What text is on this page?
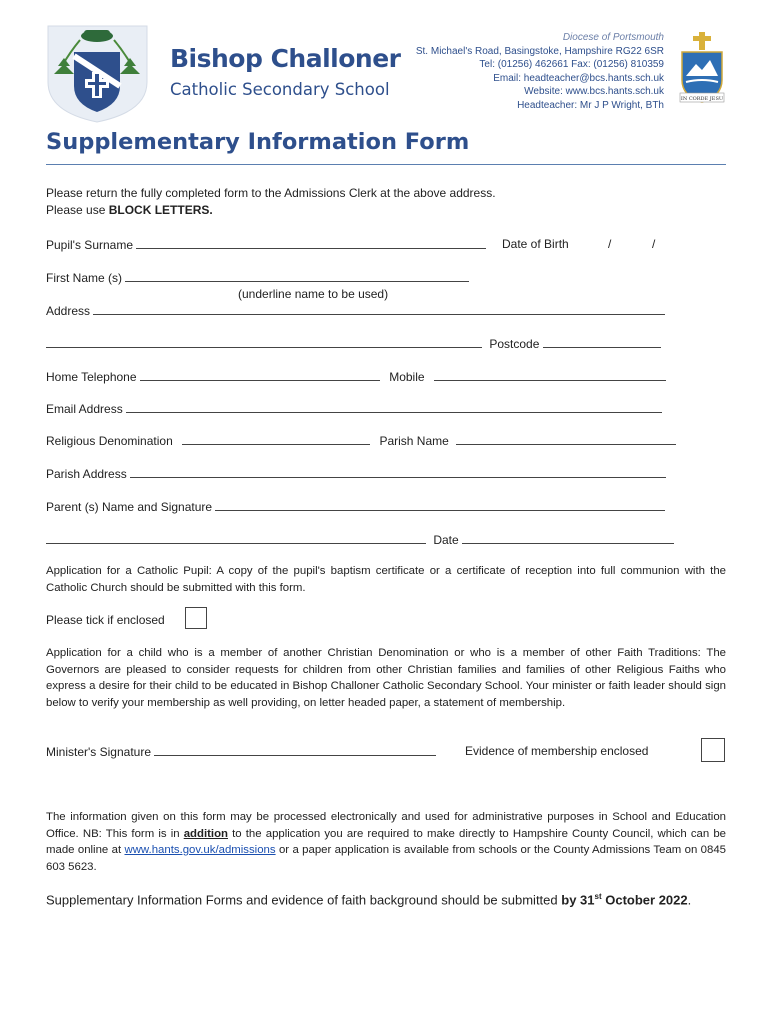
Bishop Challoner
Catholic Secondary School
Diocese of Portsmouth
St. Michael's Road, Basingstoke, Hampshire RG22 6SR
Tel: (01256) 462661 Fax: (01256) 810359
Email: headteacher@bcs.hants.sch.uk
Website: www.bcs.hants.sch.uk
Headteacher: Mr J P Wright, BTh
IN CORDE JESU
Supplementary Information Form
Please return the fully completed form to the Admissions Clerk at the above address.
Please use BLOCK LETTERS.
Pupil's Surname	Date of Birth	/	/
First Name (s)
(underline name to be used)
Address
Postcode
Home Telephone	Mobile
Email Address
Religious Denomination	Parish Name
Parish Address
Parent (s) Name and Signature
Date
Application for a Catholic Pupil: A copy of the pupil's baptism certificate or a certificate of reception into full communion with the Catholic Church should be submitted with this form.
Please tick if enclosed
Application for a child who is a member of another Christian Denomination or who is a member of other Faith Traditions: The Governors are pleased to consider requests for children from other Christian families and families of other Religious Faiths who express a desire for their child to be educated in Bishop Challoner Catholic Secondary School. Your minister or faith leader should sign below to verify your membership as well providing, on letter headed paper, a statement of membership.
Minister's Signature	Evidence of membership enclosed
The information given on this form may be processed electronically and used for administrative purposes in School and Education Office. NB: This form is in addition to the application you are required to make directly to Hampshire County Council, which can be made online at www.hants.gov.uk/admissions or a paper application is available from schools or the County Admissions Team on 0845 603 5623.
Supplementary Information Forms and evidence of faith background should be submitted by 31st October 2022.
